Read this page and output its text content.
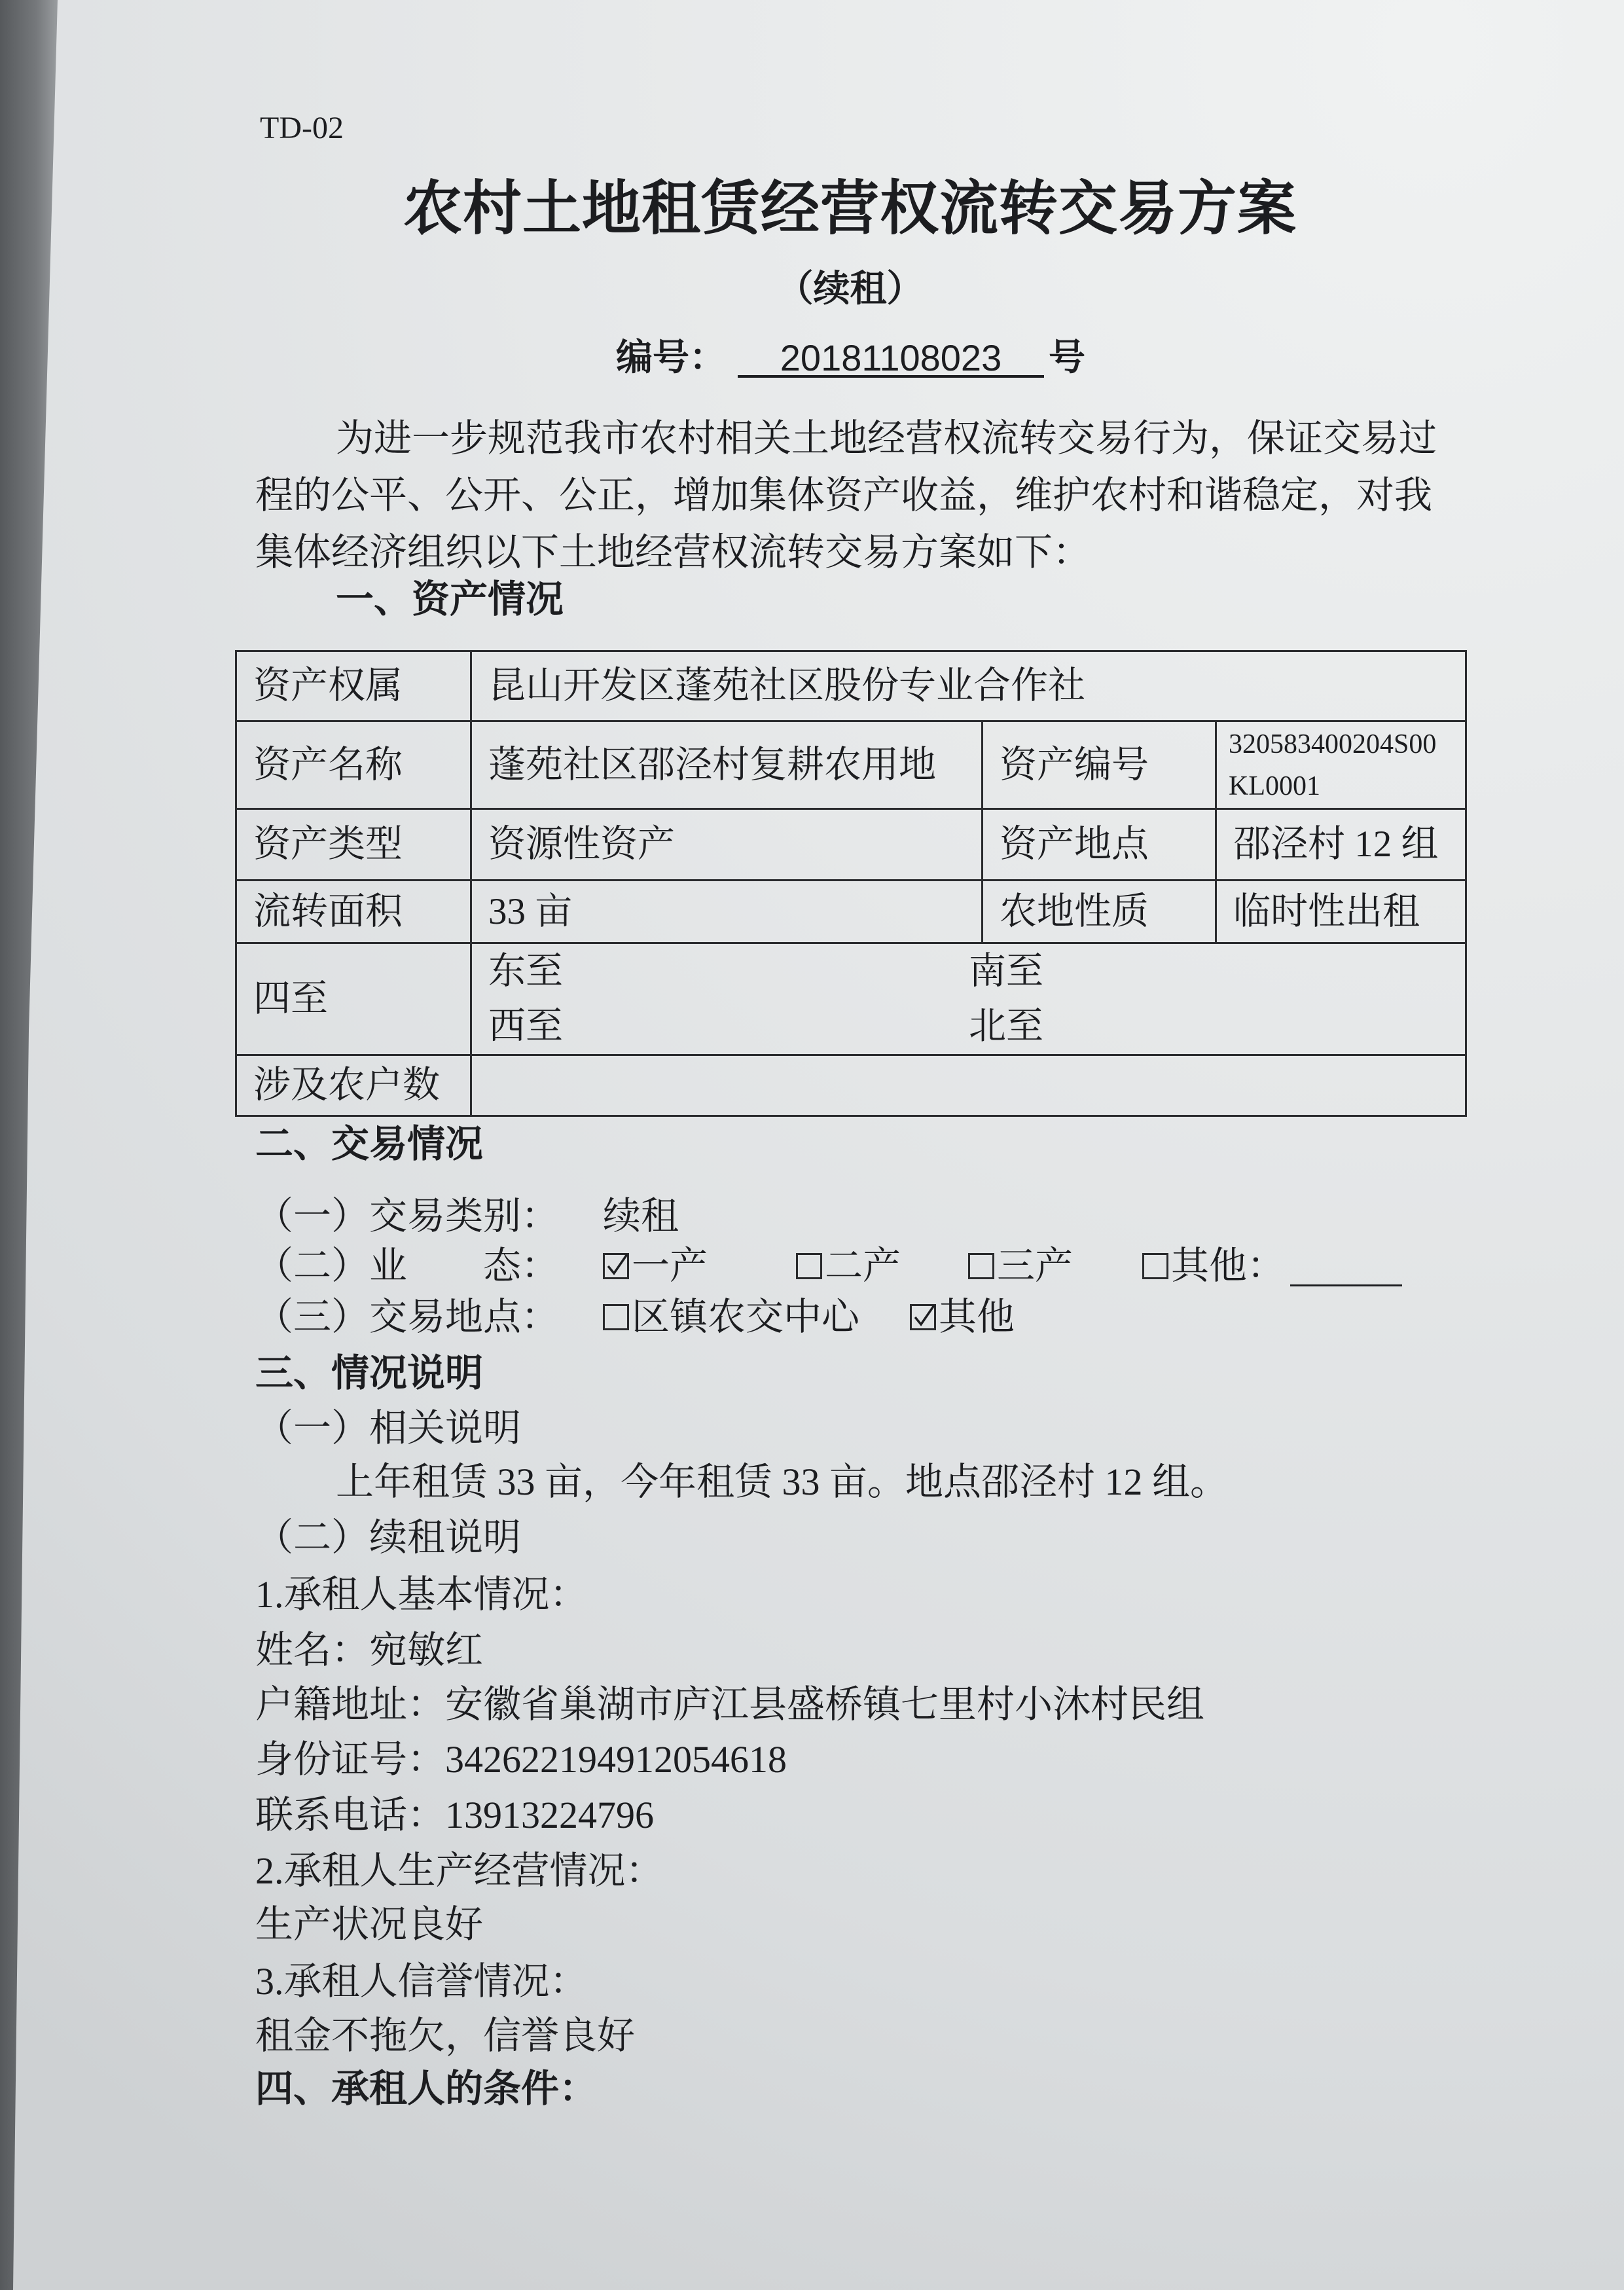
TD-02
农村土地租赁经营权流转交易方案
（续租）
编号：	20181108023	号
为进一步规范我市农村相关土地经营权流转交易行为，保证交易过
程的公平、公开、公正，增加集体资产收益，维护农村和谐稳定，对我
集体经济组织以下土地经营权流转交易方案如下：
一、资产情况
资产权属	昆山开发区蓬苑社区股份专业合作社		
资产名称	蓬苑社区邵泾村复耕农用地	资产编号	320583400204S00
KL0001

资产类型	资源性资产	资产地点	邵泾村 12 组
流转面积	33 亩	农地性质	临时性出租
四至	东至 南至
西至 北至		

涉及农户数			
二、交易情况
（一）交易类别： 续租
（二）业　　态： 一产	二产	三产	其他：
（三）交易地点： 区镇农交中心 其他
三、情况说明
（一）相关说明
上年租赁 33 亩，今年租赁 33 亩。地点邵泾村 12 组。
（二）续租说明
1.承租人基本情况：
姓名：宛敏红
户籍地址：安徽省巢湖市庐江县盛桥镇七里村小沐村民组
身份证号：342622194912054618
联系电话：13913224796
2.承租人生产经营情况：
生产状况良好
3.承租人信誉情况：
租金不拖欠，信誉良好
四、承租人的条件：
